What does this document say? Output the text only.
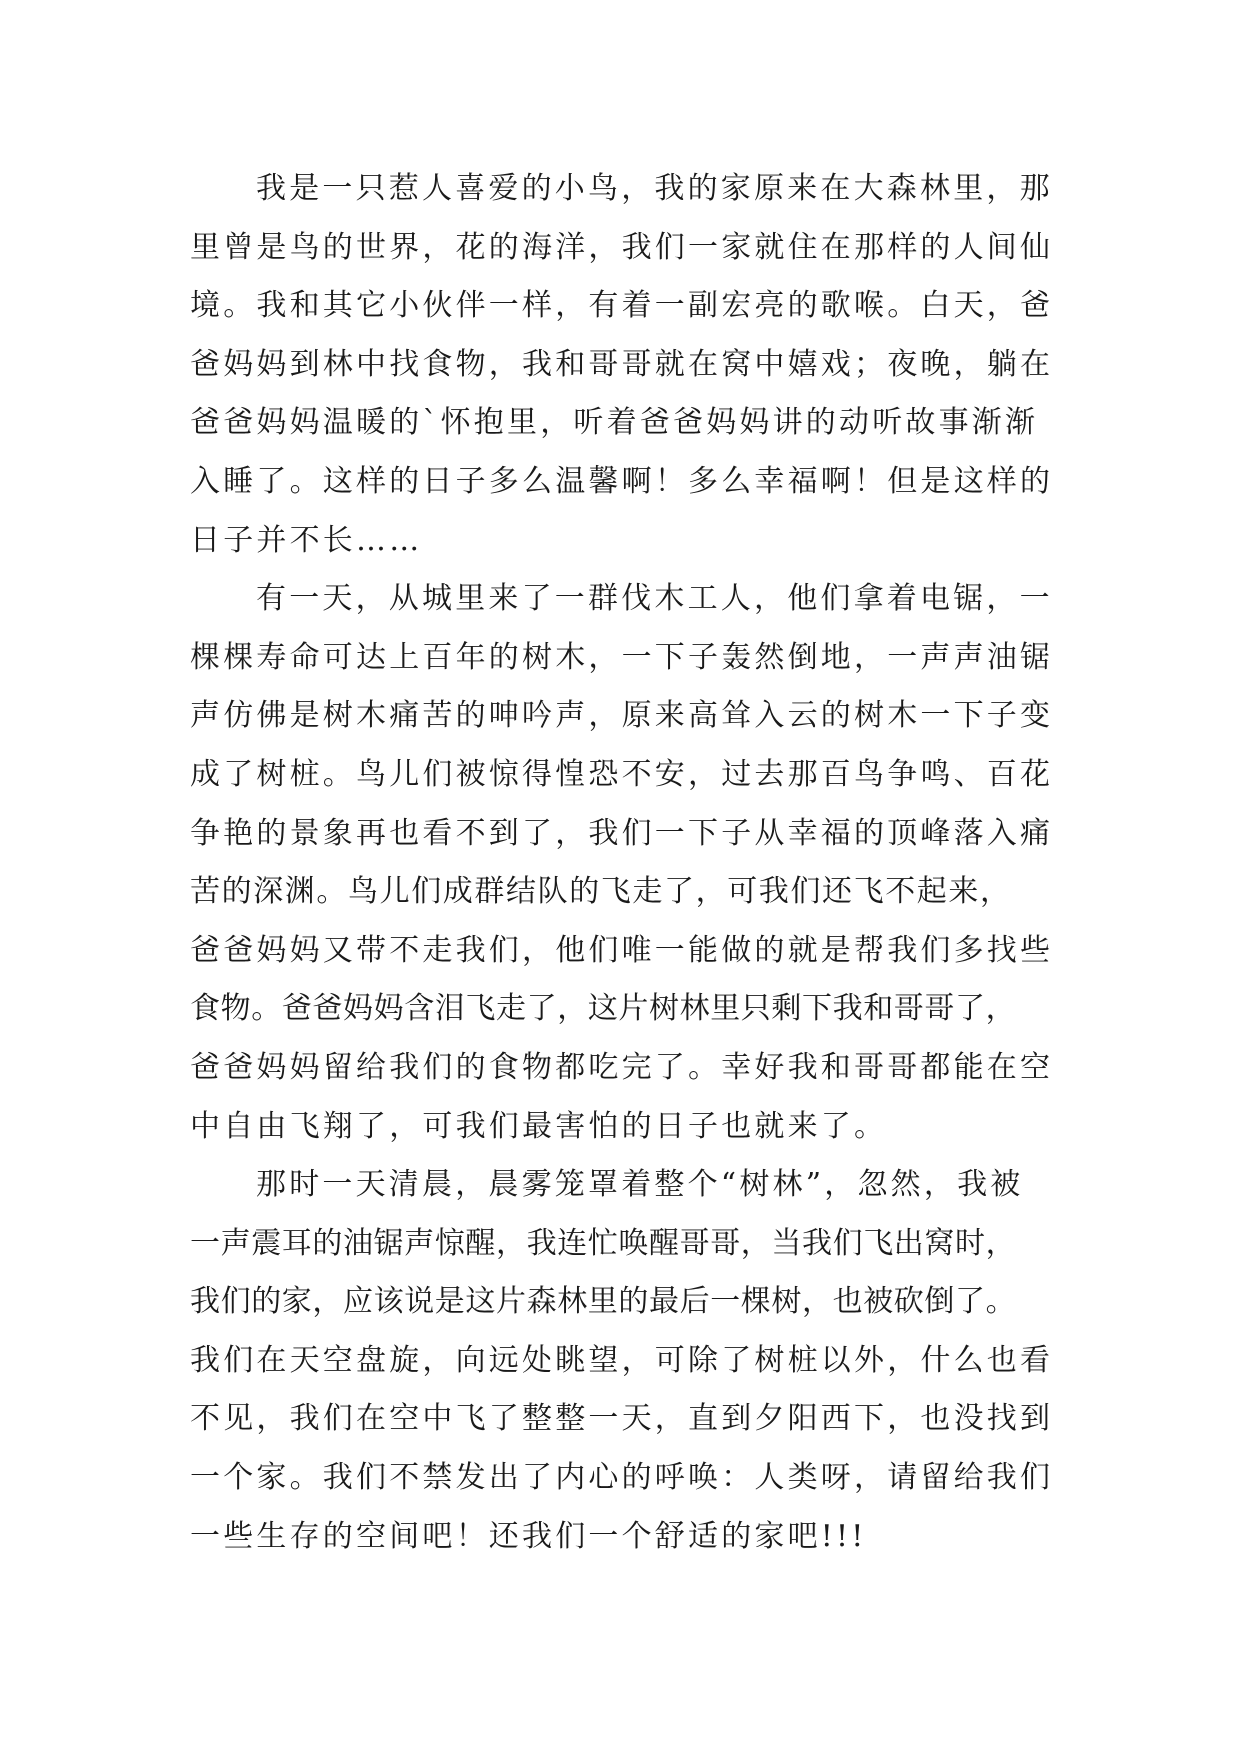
我是一只惹人喜爱的小鸟，我的家原来在大森林里，那
里曾是鸟的世界，花的海洋，我们一家就住在那样的人间仙
境。我和其它小伙伴一样，有着一副宏亮的歌喉。白天，爸
爸妈妈到林中找食物，我和哥哥就在窝中嬉戏；夜晚，躺在
爸爸妈妈温暖的`怀抱里，听着爸爸妈妈讲的动听故事渐渐
入睡了。这样的日子多么温馨啊！多么幸福啊！但是这样的
日子并不长……
有一天，从城里来了一群伐木工人，他们拿着电锯，一
棵棵寿命可达上百年的树木，一下子轰然倒地，一声声油锯
声仿佛是树木痛苦的呻吟声，原来高耸入云的树木一下子变
成了树桩。鸟儿们被惊得惶恐不安，过去那百鸟争鸣、百花
争艳的景象再也看不到了，我们一下子从幸福的顶峰落入痛
苦的深渊。鸟儿们成群结队的飞走了，可我们还飞不起来，
爸爸妈妈又带不走我们，他们唯一能做的就是帮我们多找些
食物。爸爸妈妈含泪飞走了，这片树林里只剩下我和哥哥了，
爸爸妈妈留给我们的食物都吃完了。幸好我和哥哥都能在空
中自由飞翔了，可我们最害怕的日子也就来了。
那时一天清晨，晨雾笼罩着整个“树林”，忽然，我被
一声震耳的油锯声惊醒，我连忙唤醒哥哥，当我们飞出窝时，
我们的家，应该说是这片森林里的最后一棵树，也被砍倒了。
我们在天空盘旋，向远处眺望，可除了树桩以外，什么也看
不见，我们在空中飞了整整一天，直到夕阳西下，也没找到
一个家。我们不禁发出了内心的呼唤：人类呀，请留给我们
一些生存的空间吧！还我们一个舒适的家吧!!!
